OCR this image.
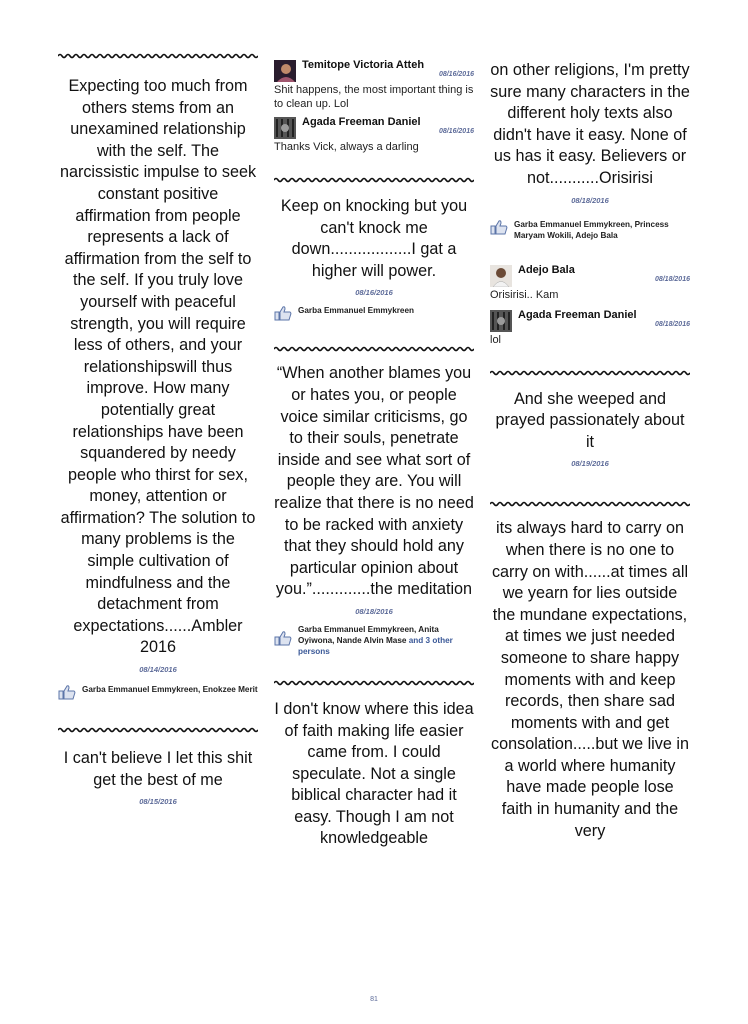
Expecting too much from others stems from an unexamined relationship with the self. The narcissistic impulse to seek constant positive affirmation from people represents a lack of affirmation from the self to the self. If you truly love yourself with peaceful strength, you will require less of others, and your relationshipswill thus improve. How many potentially great relationships have been squandered by needy people who thirst for sex, money, attention or affirmation? The solution to many problems is the simple cultivation of mindfulness and the detachment from expectations......Ambler 2016
08/14/2016
Garba Emmanuel Emmykreen, Enokzee Merit
I can't believe I let this shit get the best of me
08/15/2016
Temitope Victoria Atteh
08/16/2016
Shit happens, the most important thing is to clean up. Lol
Agada Freeman Daniel
08/16/2016
Thanks Vick, always a darling
Keep on knocking but you can't knock me down..................I gat a higher will power.
08/16/2016
Garba Emmanuel Emmykreen
“When another blames you or hates you, or people voice similar criticisms, go to their souls, penetrate inside and see what sort of people they are. You will realize that there is no need to be racked with anxiety that they should hold any particular opinion about you.”.............the meditation
08/18/2016
Garba Emmanuel Emmykreen, Anita Oyiwona, Nande Alvin Mase and 3 other persons
I don't know where this idea of faith making life easier came from. I could speculate. Not a single biblical character had it easy. Though I am not knowledgeable
on other religions, I'm pretty sure many characters in the different holy texts also didn't have it easy. None of us has it easy. Believers or not...........Orisirisi
08/18/2016
Garba Emmanuel Emmykreen, Princess Maryam Wokili, Adejo Bala
Adejo Bala
08/18/2016
Orisirisi.. Kam
Agada Freeman Daniel
08/18/2016
lol
And she weeped and prayed passionately about it
08/19/2016
its always hard to carry on when there is no one to carry on with......at times all we yearn for lies outside the mundane expectations, at times we just needed someone to share happy moments with and keep records, then share sad moments with and get consolation.....but we live in a world where humanity have made people lose faith in humanity and the very
81
